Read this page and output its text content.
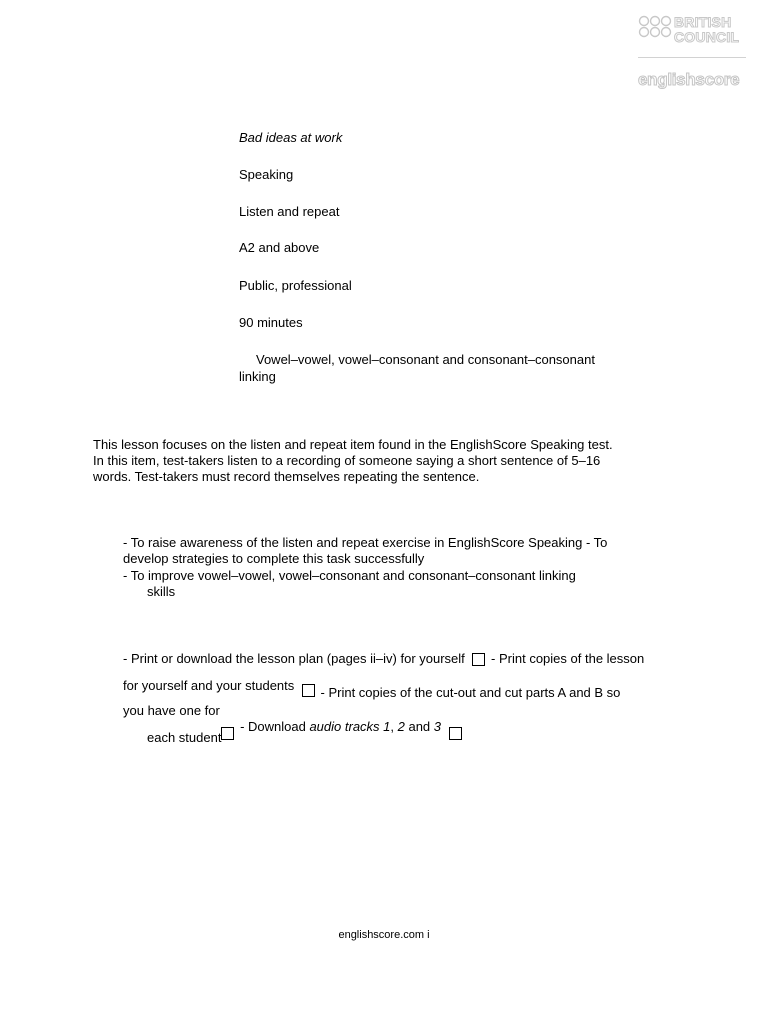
BRITISH
COUNCIL
englishscore
Bad ideas at work
Speaking
Listen and repeat
A2 and above
Public, professional
90 minutes
Vowel–vowel, vowel–consonant and consonant–consonant
linking
This lesson focuses on the listen and repeat item found in the EnglishScore Speaking test.
In this item, test-takers listen to a recording of someone saying a short sentence of 5–16
words. Test-takers must record themselves repeating the sentence.
- To raise awareness of the listen and repeat exercise in EnglishScore Speaking - To
develop strategies to complete this task successfully
- To improve vowel–vowel, vowel–consonant and consonant–consonant linking
skills
- Print or download the lesson plan (pages ii–iv) for yourself - Print copies of the lesson
for yourself and your students - Print copies of the cut-out and cut parts A and B so
you have one for
each student - Download audio tracks 1, 2 and 3
englishscore.com i
